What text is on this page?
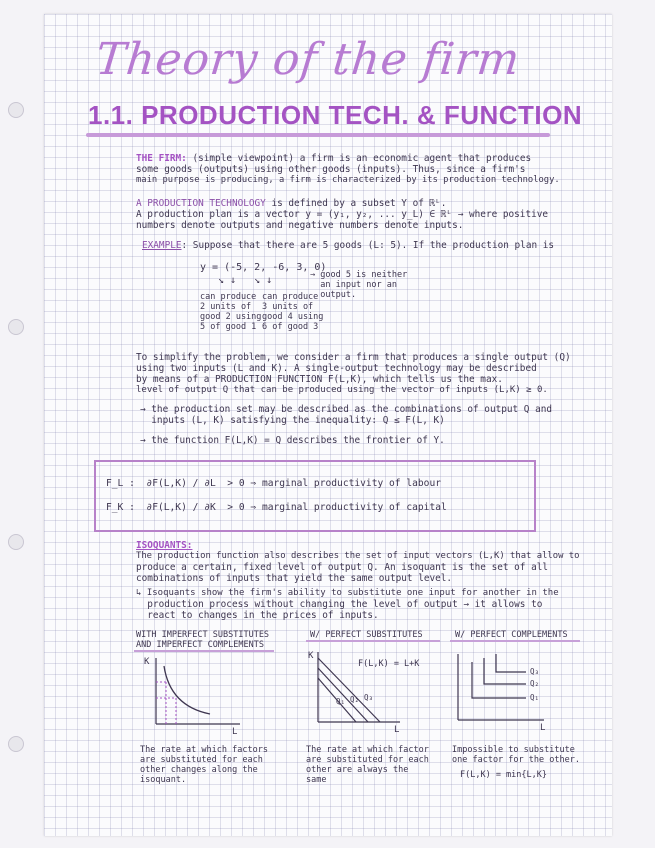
Theory of the firm
1.1. PRODUCTION TECH. & FUNCTION
THE FIRM: (simple viewpoint) a firm is an economic agent that produces
some goods (outputs) using other goods (inputs). Thus, since a firm's
main purpose is producing, a firm is characterized by its production technology.
A PRODUCTION TECHNOLOGY is defined by a subset Y of ℝᴸ.
A production plan is a vector y = (y₁, y₂, ... y_L) ∈ ℝᴸ → where positive
numbers denote outputs and negative numbers denote inputs.
EXAMPLE: Suppose that there are 5 goods (L: 5). If the production plan is
y = (-5, 2, -6, 3, 0)
↘ ↓   ↘ ↓	→ good 5 is neither
an input nor an
output.
can produce
2 units of
good 2 using
5 of good 1
can produce
3 units of
good 4 using
6 of good 3
To simplify the problem, we consider a firm that produces a single output (Q)
using two inputs (L and K). A single-output technology may be described
by means of a PRODUCTION FUNCTION F(L,K), which tells us the max.
level of output Q that can be produced using the vector of inputs (L,K) ≥ 0.
→ the production set may be described as the combinations of output Q and
inputs (L, K) satisfying the inequality: Q ≤ F(L, K)
→ the function F(L,K) = Q describes the frontier of Y.
F_L :  ∂F(L,K) / ∂L  > 0 ⇒ marginal productivity of labour
F_K :  ∂F(L,K) / ∂K  > 0 ⇒ marginal productivity of capital
ISOQUANTS:
The production function also describes the set of input vectors (L,K) that allow to
produce a certain, fixed level of output Q. An isoquant is the set of all
combinations of inputs that yield the same output level.
↳ Isoquants show the firm's ability to substitute one input for another in the
production process without changing the level of output → it allows to
react to changes in the prices of inputs.
WITH IMPERFECT SUBSTITUTES
AND IMPERFECT COMPLEMENTS
W/ PERFECT SUBSTITUTES	W/ PERFECT COMPLEMENTS
K
L
K
L
F(L,K) = L+K
Q₁ Q₂ Q₃
L
Q₁
Q₂
Q₃
The rate at which factors
are substituted for each
other changes along the
isoquant.
The rate at which factor
are substituted for each
other are always the
same
Impossible to substitute
one factor for the other.
F(L,K) = min{L,K}
